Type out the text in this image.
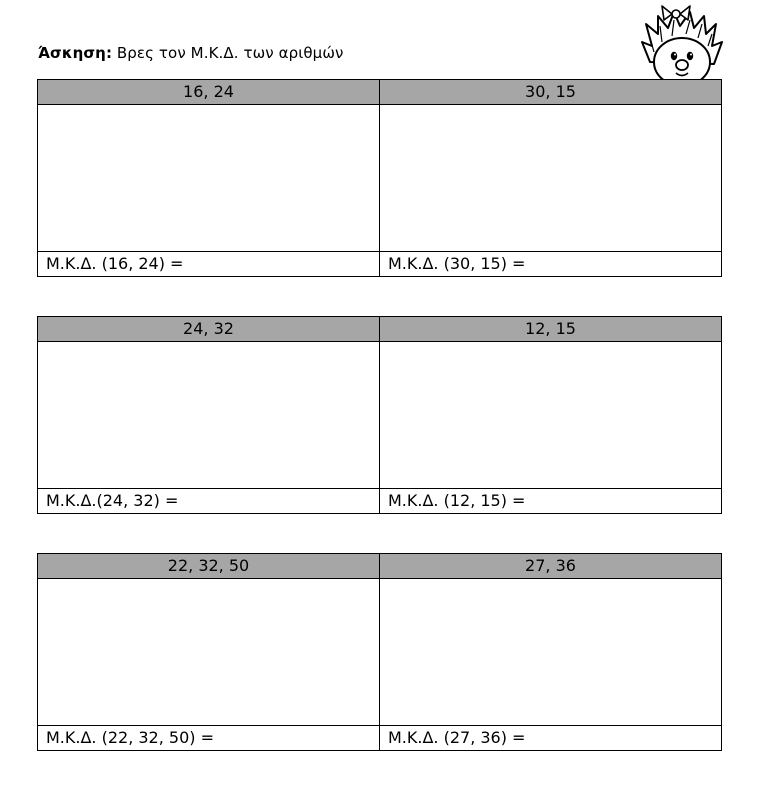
Άσκηση: Βρες τον Μ.Κ.Δ. των αριθμών
16, 24	30, 15

Μ.Κ.Δ. (16, 24) =	Μ.Κ.Δ. (30, 15) =
24, 32	12, 15

Μ.Κ.Δ.(24, 32) =	Μ.Κ.Δ. (12, 15) =
22, 32, 50	27, 36

Μ.Κ.Δ. (22, 32, 50) =	Μ.Κ.Δ. (27, 36) =
